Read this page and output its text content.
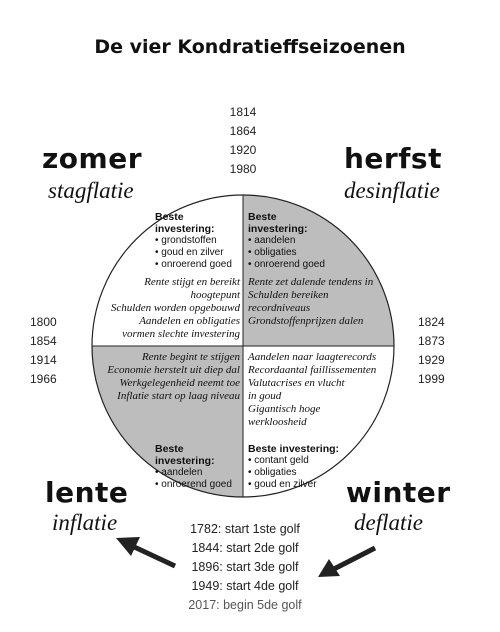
De vier Kondratieffseizoenen
1814
1864
1920
1980
1800
1854
1914
1966
1824
1873
1929
1999
zomer
stagflatie
herfst
desinflatie
lente
inflatie
winter
deflatie
Beste investering:
• grondstoffen
• goud en zilver
• onroerend goed
Rente stijgt en bereikt
hoogtepunt
Schulden worden opgebouwd
Aandelen en obligaties
vormen slechte investering
Beste investering:
• aandelen
• obligaties
• onroerend goed
Rente zet dalende tendens in
Schulden bereiken
recordniveaus
Grondstoffenprijzen dalen
Rente begint te stijgen
Economie herstelt uit diep dal
Werkgelegenheid neemt toe
Inflatie start op laag niveau
Beste investering:
• aandelen
• onroerend goed
Aandelen naar laagterecords
Recordaantal faillissementen
Valutacrises en vlucht
in goud
Gigantisch hoge
werkloosheid
Beste investering:
• contant geld
• obligaties
• goud en zilver
1782: start 1ste golf
1844: start 2de golf
1896: start 3de golf
1949: start 4de golf
2017: begin 5de golf
